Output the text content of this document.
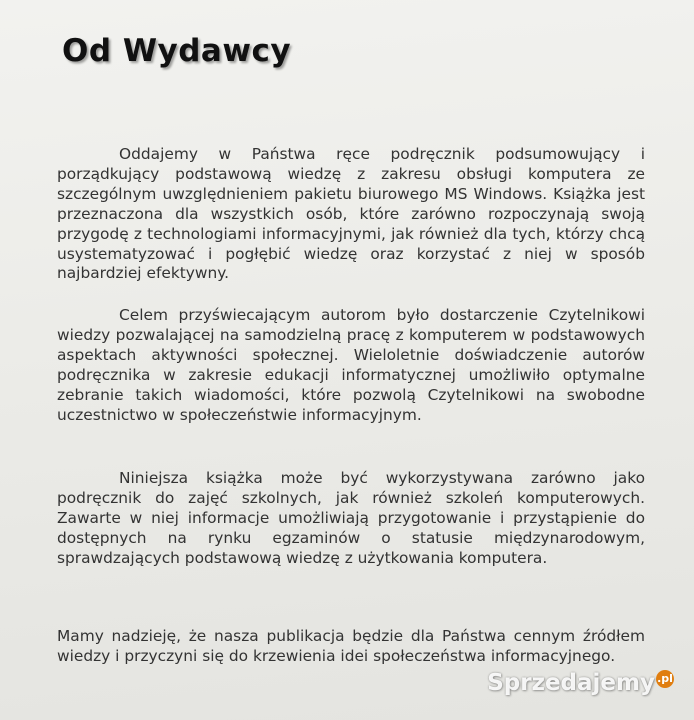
Od Wydawcy

Oddajemy w Państwa ręce podręcznik podsumowujący i porządkujący podstawową wiedzę z zakresu obsługi komputera ze szczególnym uwzględnieniem pakietu biurowego MS Windows. Książka jest przeznaczona dla wszystkich osób, które zarówno rozpoczynają swoją przygodę z technologiami informacyjnymi, jak również dla tych, którzy chcą usystematyzować i pogłębić wiedzę oraz korzystać z niej w sposób najbardziej efektywny.

Celem przyświecającym autorom było dostarczenie Czytelnikowi wiedzy pozwalającej na samodzielną pracę z komputerem w podstawowych aspektach aktywności społecznej. Wieloletnie doświadczenie autorów podręcznika w zakresie edukacji informatycznej umożliwiło optymalne zebranie takich wiadomości, które pozwolą Czytelnikowi na swobodne uczestnictwo w społeczeństwie informacyjnym.

Niniejsza książka może być wykorzystywana zarówno jako podręcznik do zajęć szkolnych, jak również szkoleń komputerowych. Zawarte w niej informacje umożliwiają przygotowanie i przystąpienie do dostępnych na rynku egzaminów o statusie międzynarodowym, sprawdzających podstawową wiedzę z użytkowania komputera.

Mamy nadzieję, że nasza publikacja będzie dla Państwa cennym źródłem wiedzy i przyczyni się do krzewienia idei społeczeństwa informacyjnego.

Sprzedajemy .pl
